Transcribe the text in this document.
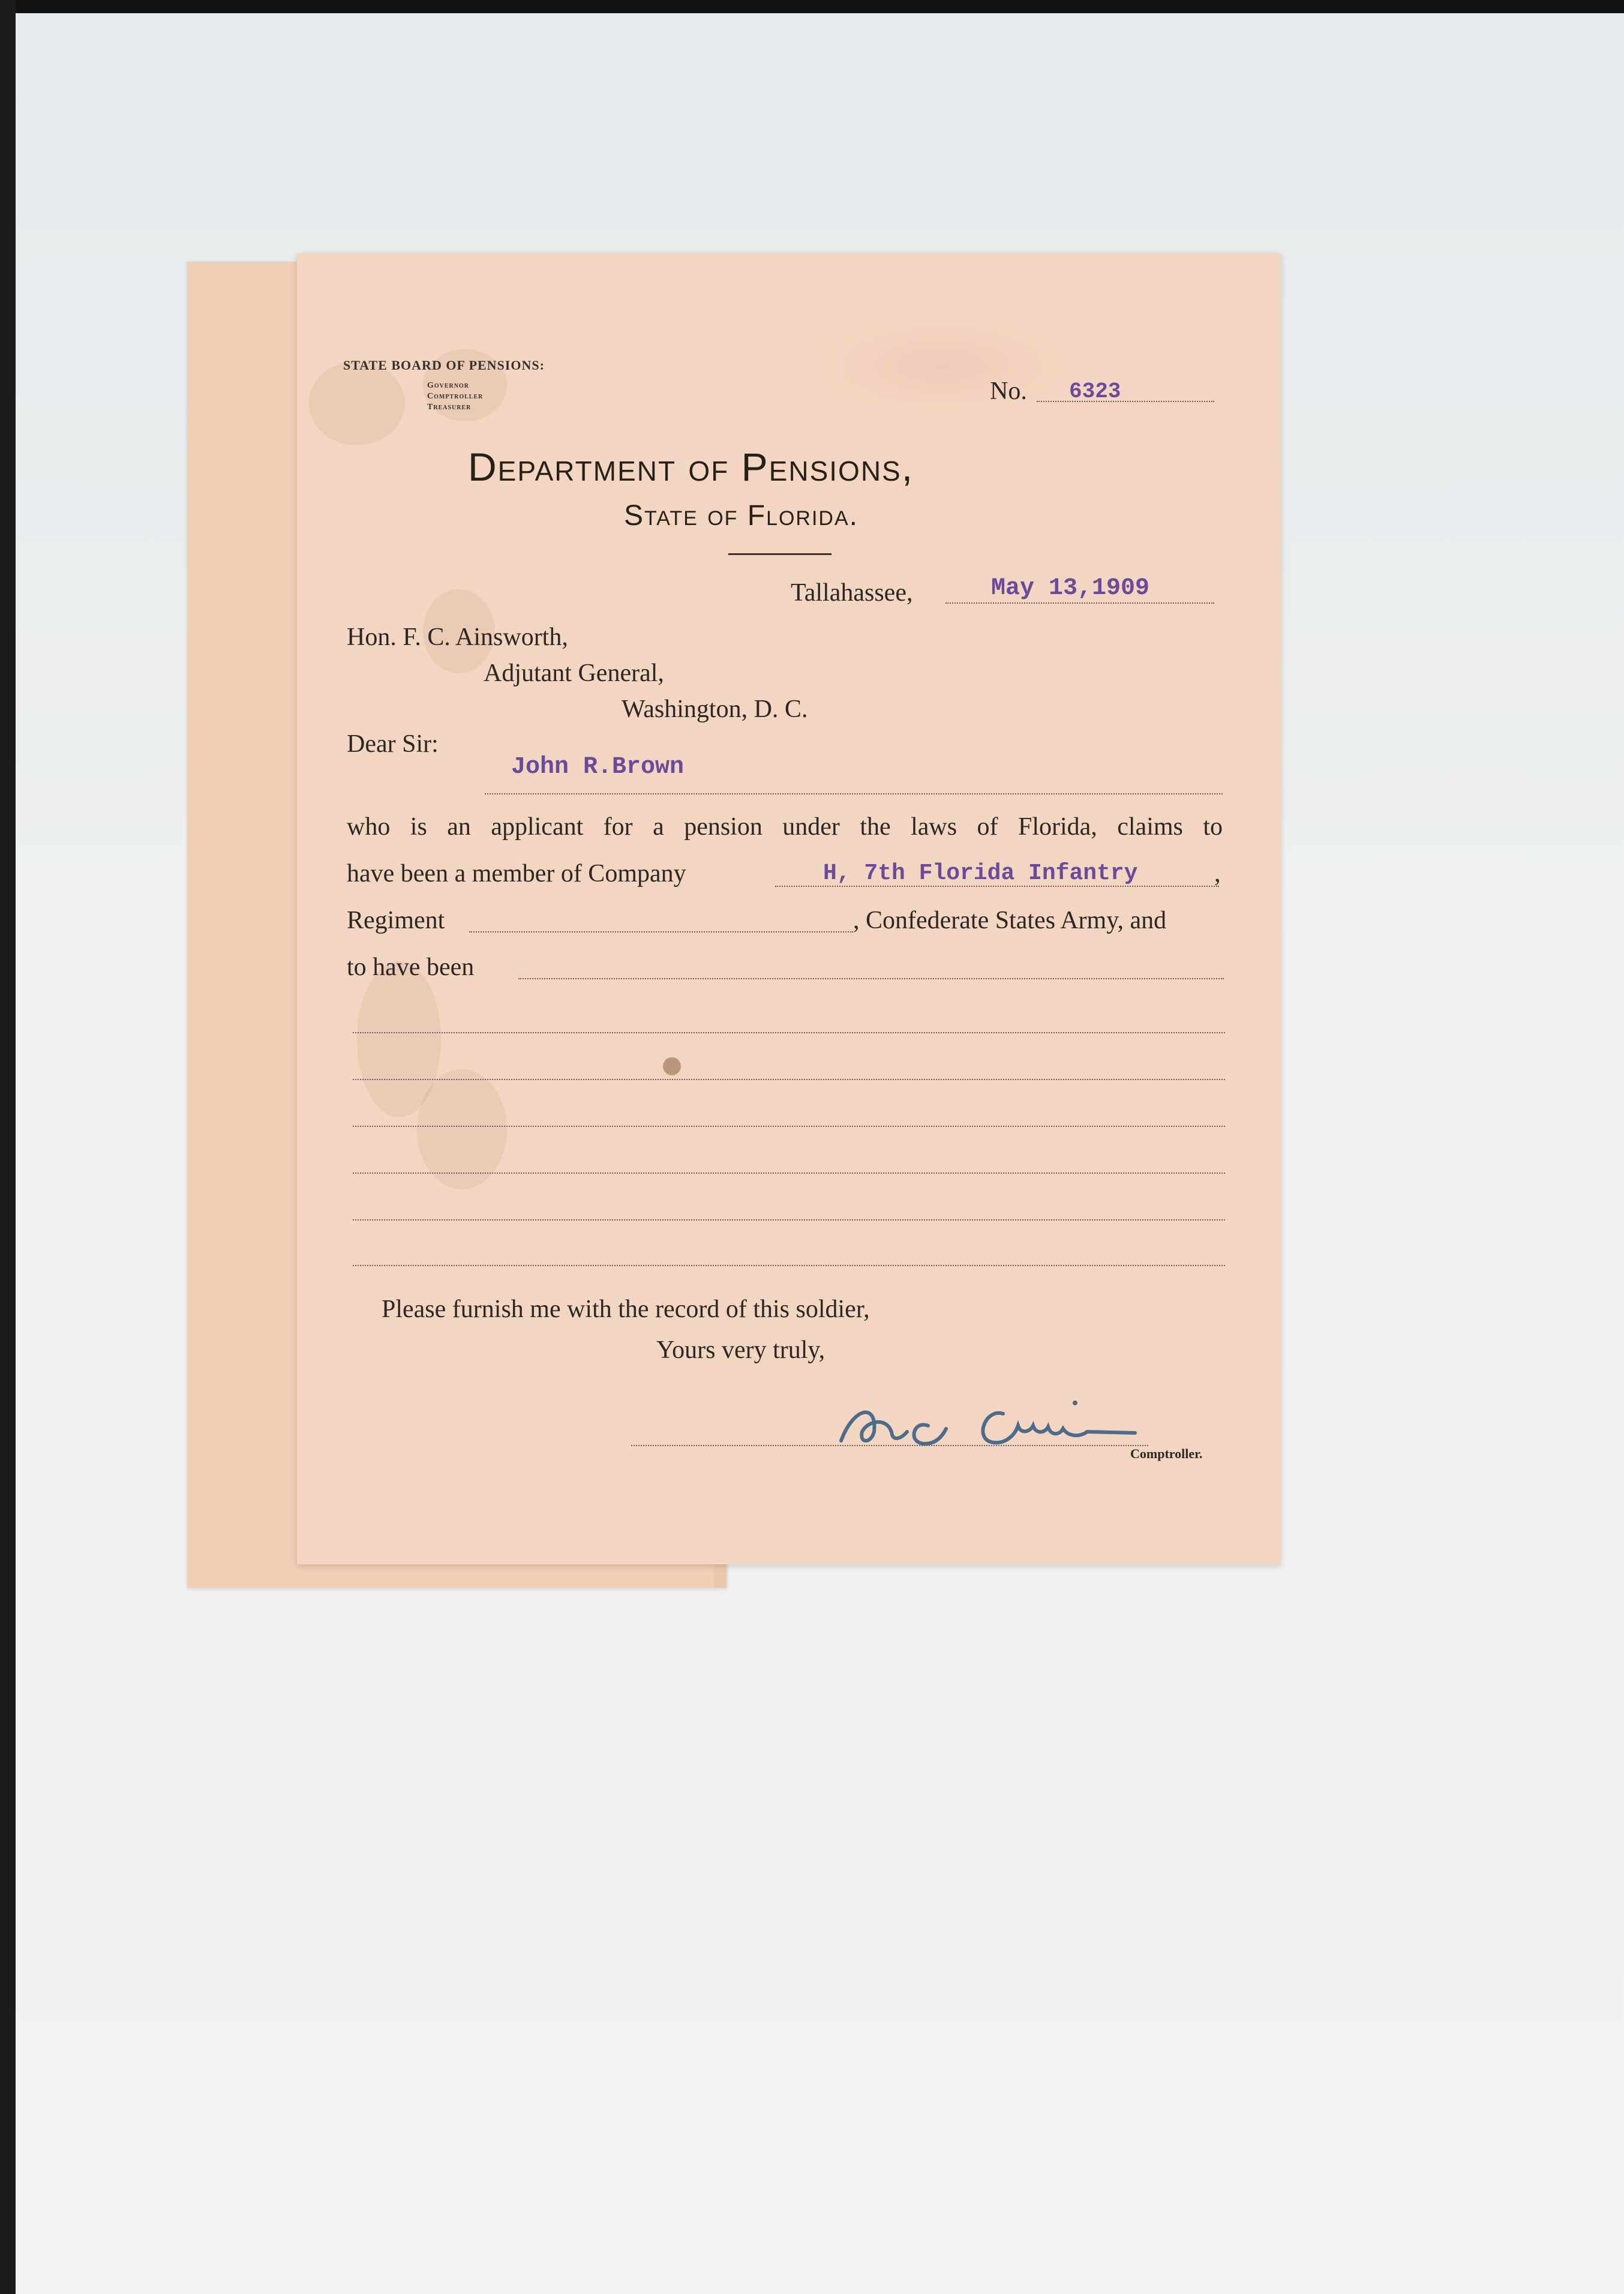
STATE BOARD OF PENSIONS:
Governor
Comptroller
Treasurer
No. 6323
Department of Pensions,
State of Florida.
Tallahassee,	May 13,1909
Hon. F. C. Ainsworth,
Adjutant General,
Washington, D. C.
Dear Sir:
John R.Brown
who is an applicant for a pension under the laws of Florida, claims to
have been a member of Company	H, 7th Florida Infantry	,
Regiment	, Confederate States Army, and
to have been
Please furnish me with the record of this soldier,
Yours very truly,
Comptroller.
